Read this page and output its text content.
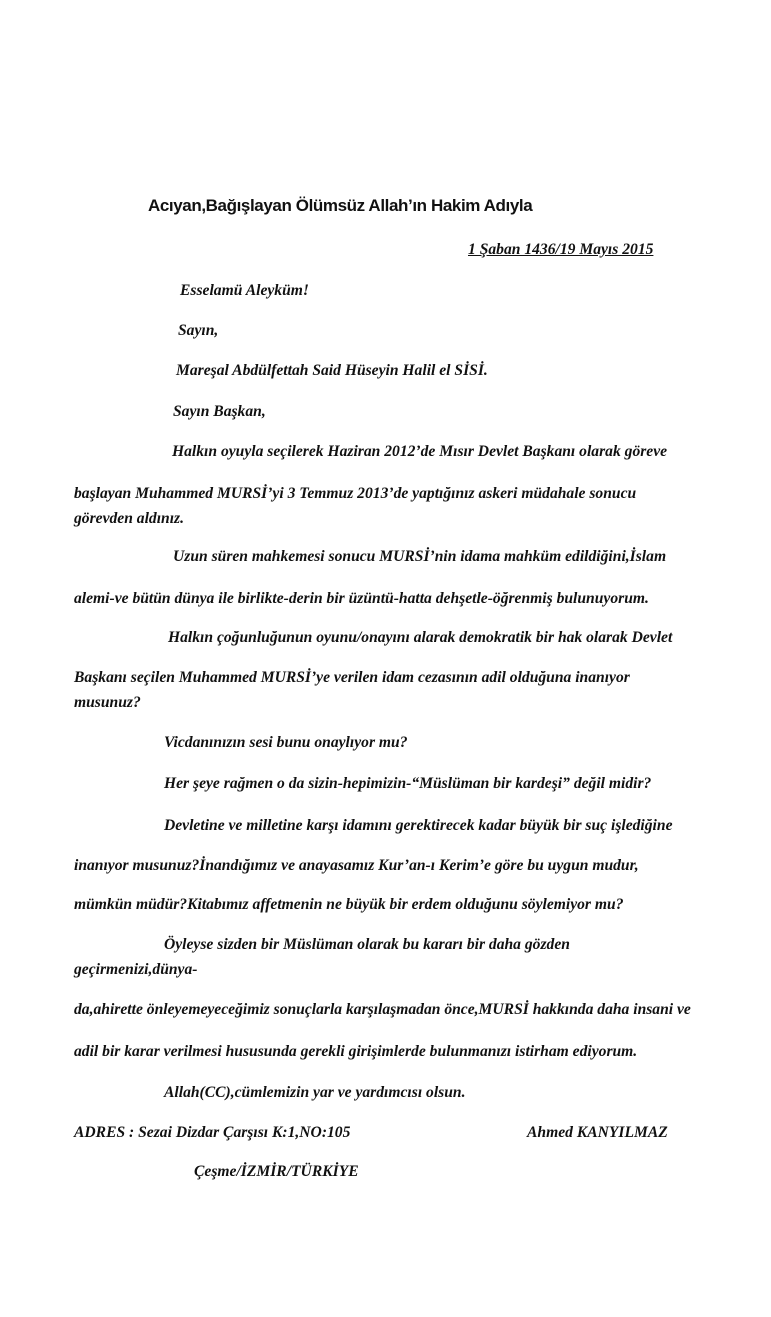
Acıyan,Bağışlayan Ölümsüz Allah’ın Hakim Adıyla
1 Şaban 1436/19 Mayıs 2015
Esselamü Aleyküm!
Sayın,
Mareşal Abdülfettah Said Hüseyin Halil el SİSİ.
Sayın Başkan,
Halkın oyuyla seçilerek Haziran 2012’de Mısır Devlet Başkanı olarak göreve
başlayan Muhammed MURSİ’yi 3 Temmuz 2013’de yaptığınız askeri müdahale sonucu
görevden aldınız.
Uzun süren mahkemesi sonucu MURSİ’nin idama mahküm edildiğini,İslam
alemi-ve bütün dünya ile birlikte-derin bir üzüntü-hatta dehşetle-öğrenmiş bulunuyorum.
Halkın çoğunluğunun oyunu/onayını alarak demokratik bir hak olarak Devlet
Başkanı seçilen Muhammed MURSİ’ye verilen idam cezasının adil olduğuna inanıyor
musunuz?
Vicdanınızın sesi bunu onaylıyor mu?
Her şeye rağmen o da sizin-hepimizin-“Müslüman bir kardeşi” değil midir?
Devletine ve milletine karşı idamını gerektirecek kadar büyük bir suç işlediğine
inanıyor musunuz?İnandığımız ve anayasamız Kur’an-ı Kerim’e göre bu uygun mudur,
mümkün müdür?Kitabımız affetmenin ne büyük bir erdem olduğunu söylemiyor mu?
Öyleyse sizden bir Müslüman olarak bu kararı bir daha gözden
geçirmenizi,dünya-
da,ahirette önleyemeyeceğimiz sonuçlarla karşılaşmadan önce,MURSİ hakkında daha insani ve
adil bir karar verilmesi hususunda gerekli girişimlerde bulunmanızı istirham ediyorum.
Allah(CC),cümlemizin yar ve yardımcısı olsun.
ADRES : Sezai Dizdar Çarşısı K:1,NO:105	Ahmed KANYILMAZ
Çeşme/İZMİR/TÜRKİYE
